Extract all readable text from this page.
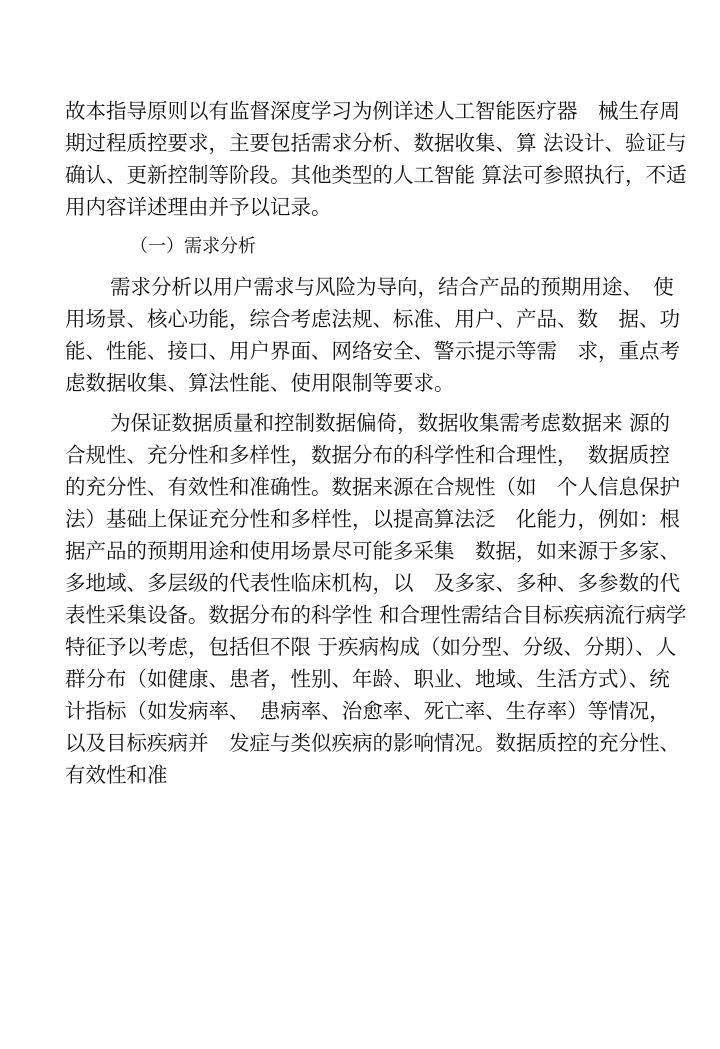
故本指导原则以有监督深度学习为例详述人工智能医疗器　械生存周
期过程质控要求，主要包括需求分析、数据收集、算 法设计、验证与
确认、更新控制等阶段。其他类型的人工智能 算法可参照执行，不适
用内容详述理由并予以记录。
（一）需求分析
需求分析以用户需求与风险为导向，结合产品的预期用途、　使
用场景、核心功能，综合考虑法规、标准、用户、产品、数　据、功
能、性能、接口、用户界面、网络安全、警示提示等需　求，重点考
虑数据收集、算法性能、使用限制等要求。
为保证数据质量和控制数据偏倚，数据收集需考虑数据来 源的
合规性、充分性和多样性，数据分布的科学性和合理性，　数据质控
的充分性、有效性和准确性。数据来源在合规性（如　个人信息保护
法）基础上保证充分性和多样性，以提高算法泛　化能力，例如：根
据产品的预期用途和使用场景尽可能多采集　数据，如来源于多家、
多地域、多层级的代表性临床机构，以　及多家、多种、多参数的代
表性采集设备。数据分布的科学性 和合理性需结合目标疾病流行病学
特征予以考虑，包括但不限 于疾病构成（如分型、分级、分期）、人
群分布（如健康、患者，性别、年龄、职业、地域、生活方式）、统
计指标（如发病率、　患病率、治愈率、死亡率、生存率）等情况，
以及目标疾病并　发症与类似疾病的影响情况。数据质控的充分性、
有效性和准
